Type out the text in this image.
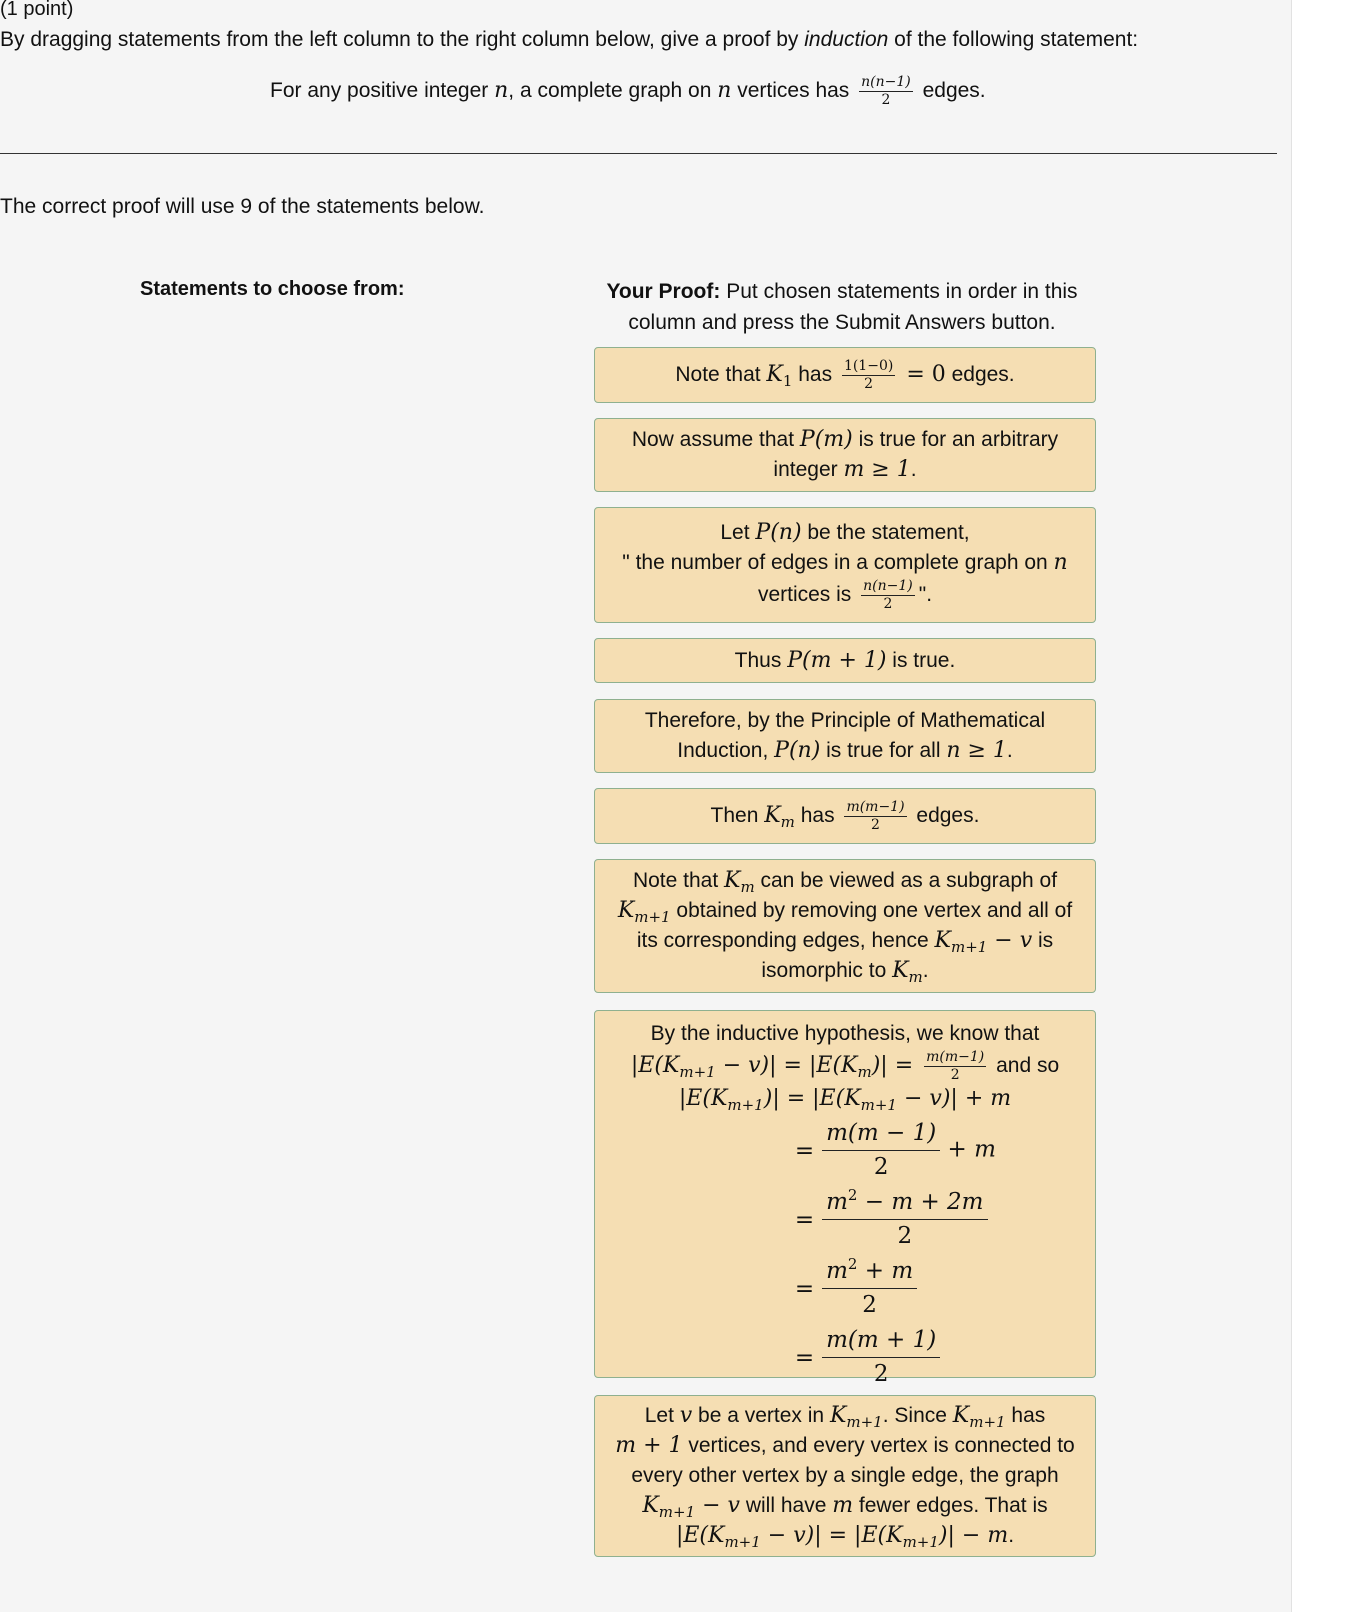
(1 point)
By dragging statements from the left column to the right column below, give a proof by induction of the following statement:
For any positive integer n, a complete graph on n vertices has $\frac{n(n-1)}{2}$ edges.
The correct proof will use 9 of the statements below.
Statements to choose from:	Your Proof: Put chosen statements in order in this column and press the Submit Answers button.
Note that $K_1$ has $\frac{1(1-0)}{2} = 0$ edges.
Now assume that P(m) is true for an arbitrary
integer m ≥ 1.
Let P(n) be the statement,
" the number of edges in a complete graph on n
vertices is $\frac{n(n-1)}{2}$ ".
Thus P(m + 1) is true.
Therefore, by the Principle of Mathematical
Induction, P(n) is true for all n ≥ 1.
Then $K_m$ has $\frac{m(m-1)}{2}$ edges.
Note that $K_m$ can be viewed as a subgraph of
$K_{m+1}$ obtained by removing one vertex and all of
its corresponding edges, hence $K_{m+1} - v$ is
isomorphic to $K_m$.
By the inductive hypothesis, we know that
$|E(K_{m+1} - v)| = |E(K_m)| = \frac{m(m-1)}{2}$ and so
$|E(K_{m+1})| = |E(K_{m+1} - v)| + m$
=	$\frac{m(m - 1)}{2} + m$
=	$\frac{m^2 - m + 2m}{2}$

=	$\frac{m^2 + m}{2}$

=	$\frac{m(m + 1)}{2}$
Let v be a vertex in $K_{m+1}$. Since $K_{m+1}$ has
m + 1 vertices, and every vertex is connected to
every other vertex by a single edge, the graph
$K_{m+1} - v$ will have m fewer edges. That is
$|E(K_{m+1} - v)| = |E(K_{m+1})| - m$.
